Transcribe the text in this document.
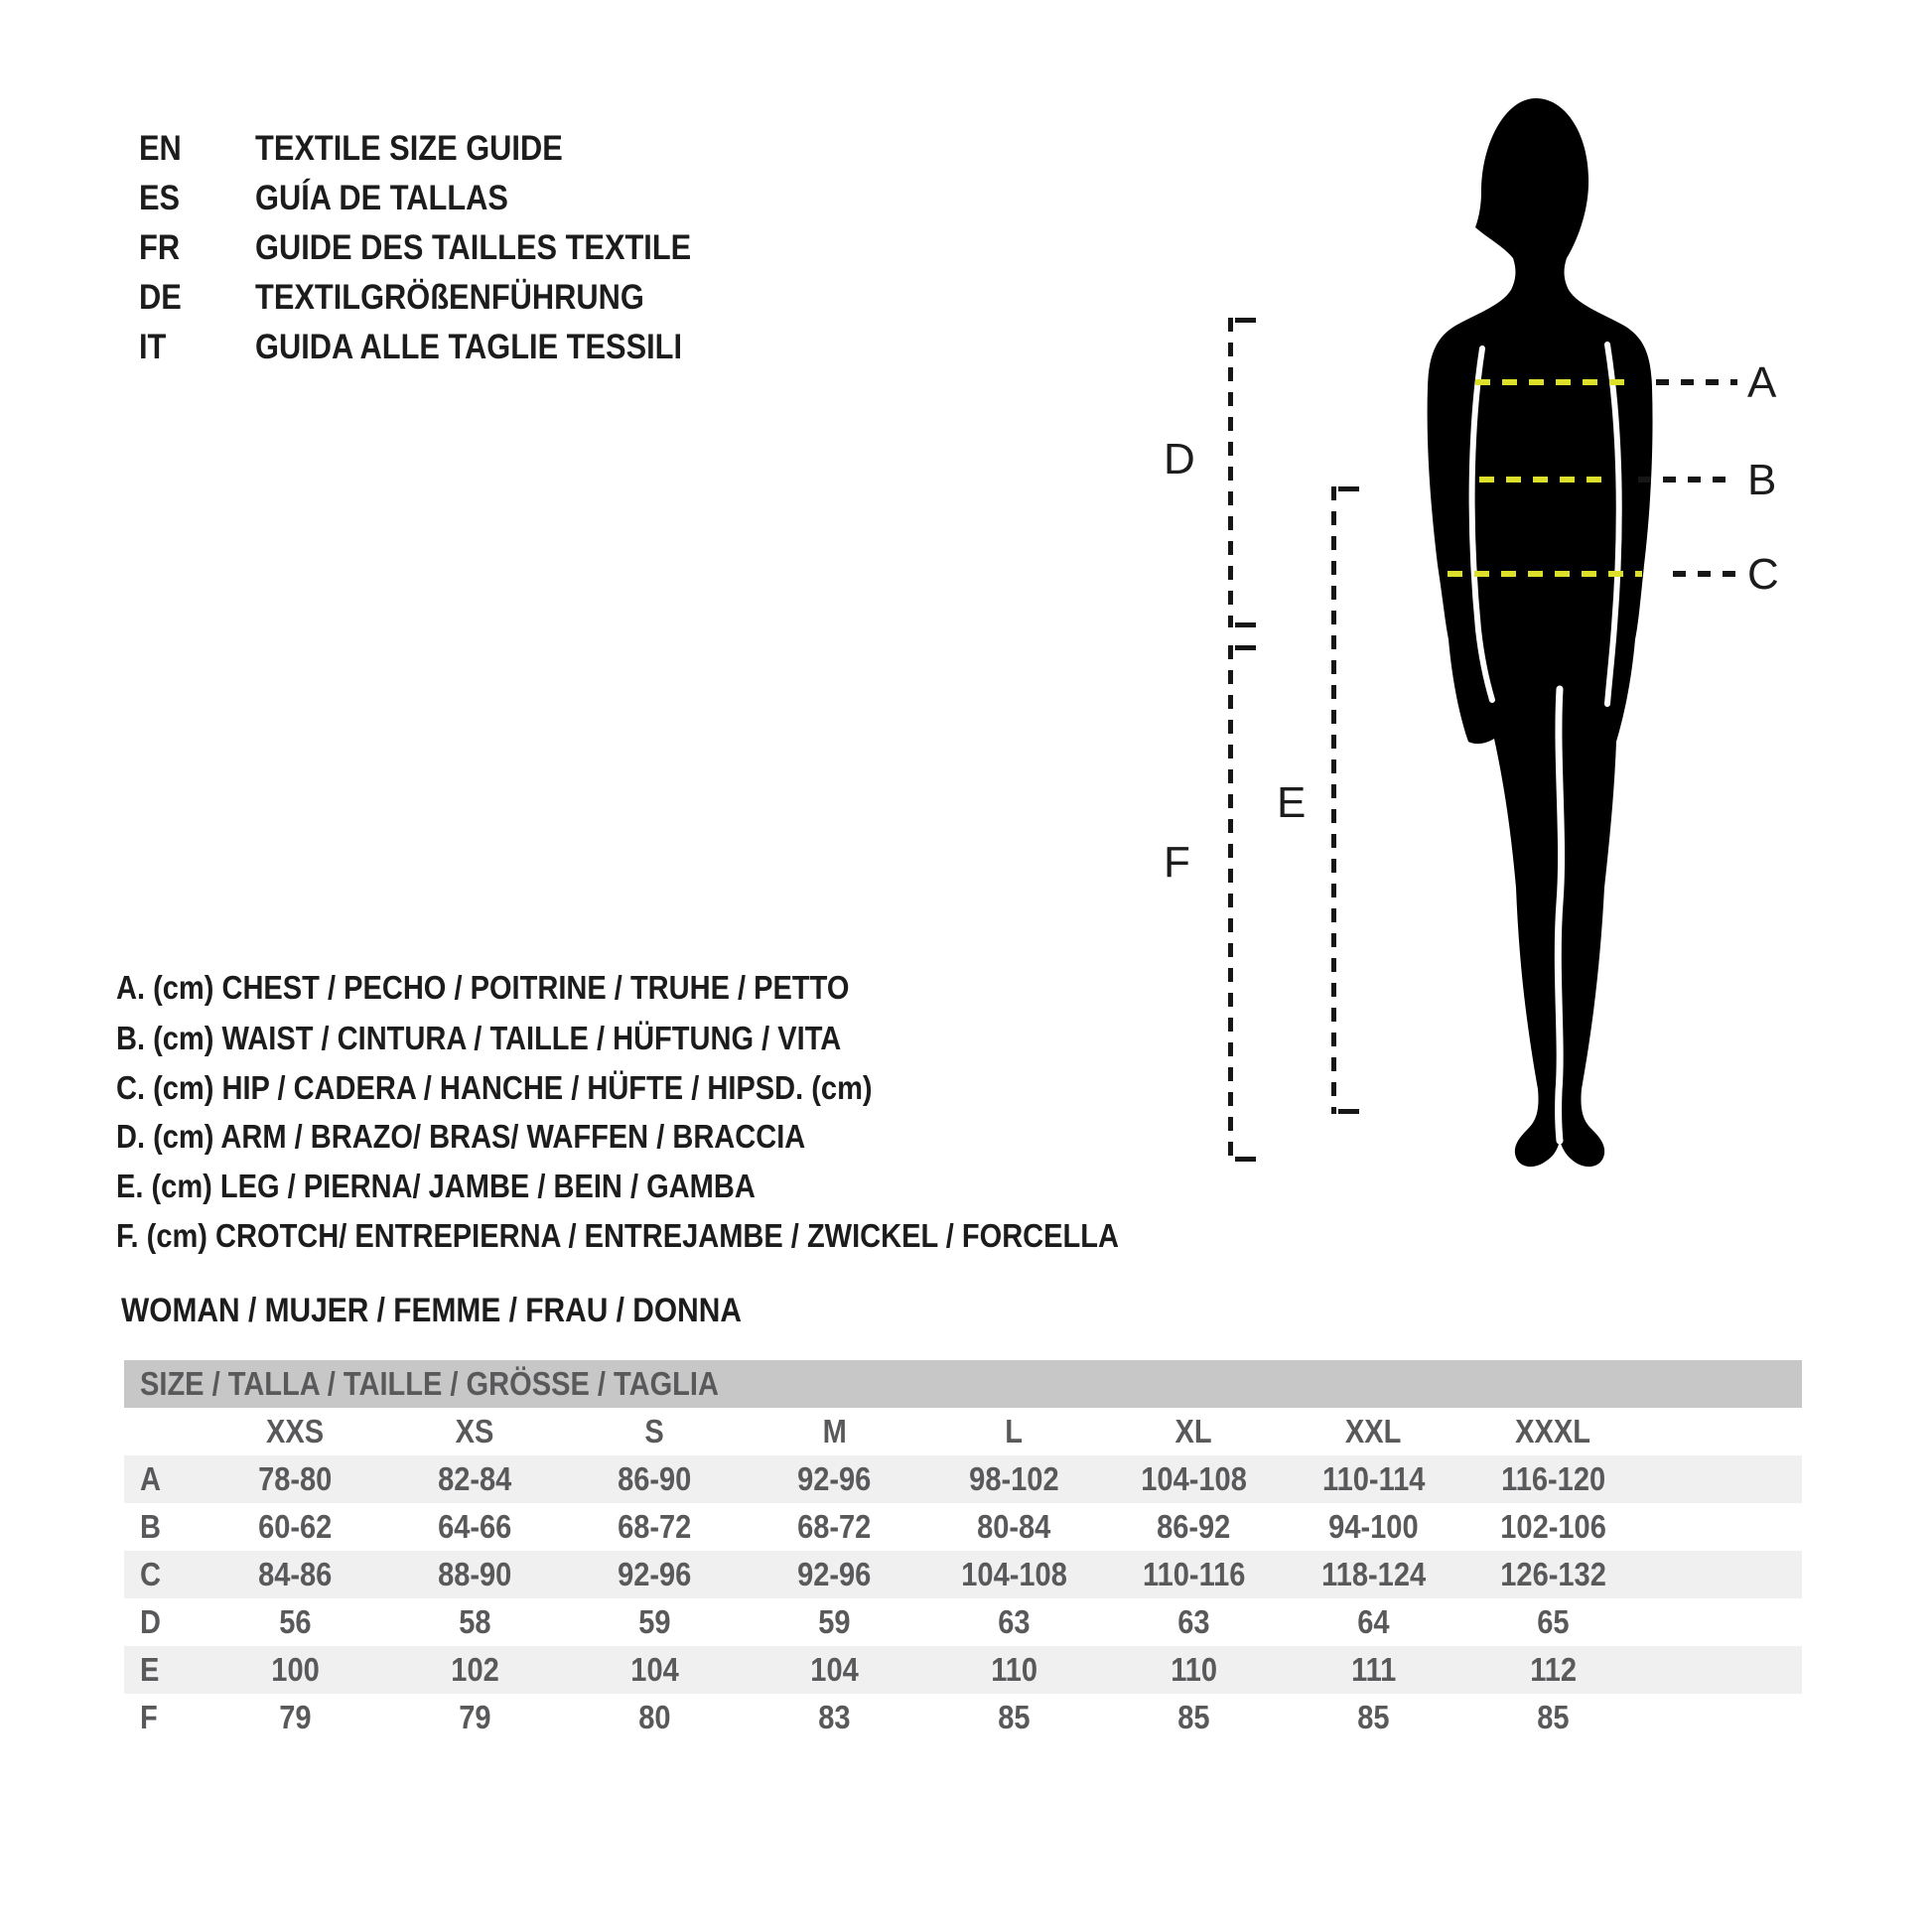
EN TEXTILE SIZE GUIDE
ES GUÍA DE TALLAS
FR GUIDE DES TAILLES TEXTILE
DE TEXTILGRÖßENFÜHRUNG
IT	GUIDA ALLE TAGLIE TESSILI
A. (cm) CHEST / PECHO / POITRINE / TRUHE / PETTO
B. (cm) WAIST / CINTURA / TAILLE / HÜFTUNG / VITA
C. (cm) HIP / CADERA / HANCHE / HÜFTE / HIPSD. (cm)
D. (cm) ARM / BRAZO/ BRAS/ WAFFEN / BRACCIA
E. (cm) LEG / PIERNA/ JAMBE / BEIN / GAMBA
F. (cm) CROTCH/ ENTREPIERNA / ENTREJAMBE / ZWICKEL / FORCELLA
WOMAN / MUJER / FEMME / FRAU / DONNA
A
B
C
D
E
F
SIZE / TALLA / TAILLE / GRÖSSE / TAGLIA
XXS	XS	S	M	L	XL	XXL	XXXL
A	78-80	82-84	86-90	92-96	98-102	104-108	110-114	116-120
B	60-62	64-66	68-72	68-72	80-84	86-92	94-100	102-106
C	84-86	88-90	92-96	92-96	104-108	110-116	118-124	126-132
D	56	58	59	59	63	63	64	65
E	100	102	104	104	110	110	111	112
F	79	79	80	83	85	85	85	85
